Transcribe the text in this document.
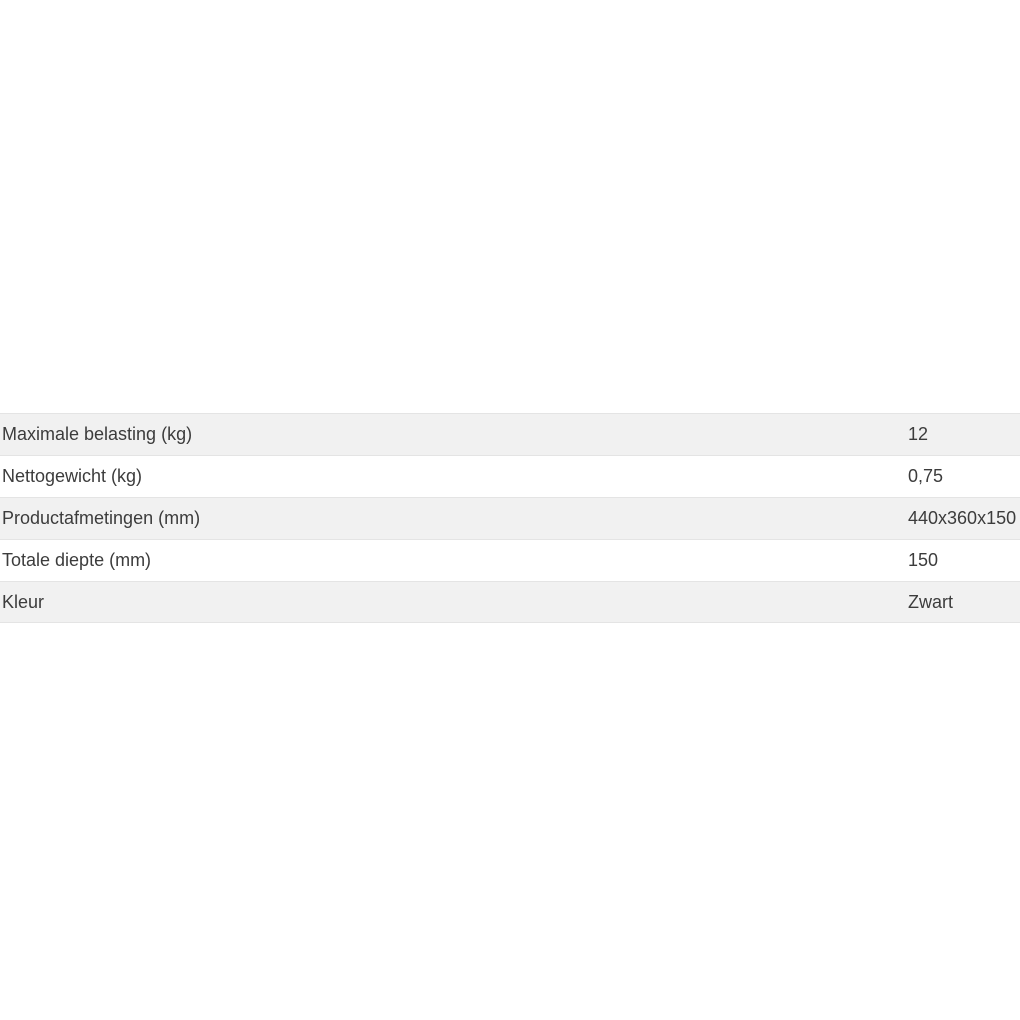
Maximale belasting (kg)	12
Nettogewicht (kg)	0,75
Productafmetingen (mm)	440x360x150
Totale diepte (mm)	150
Kleur	Zwart
